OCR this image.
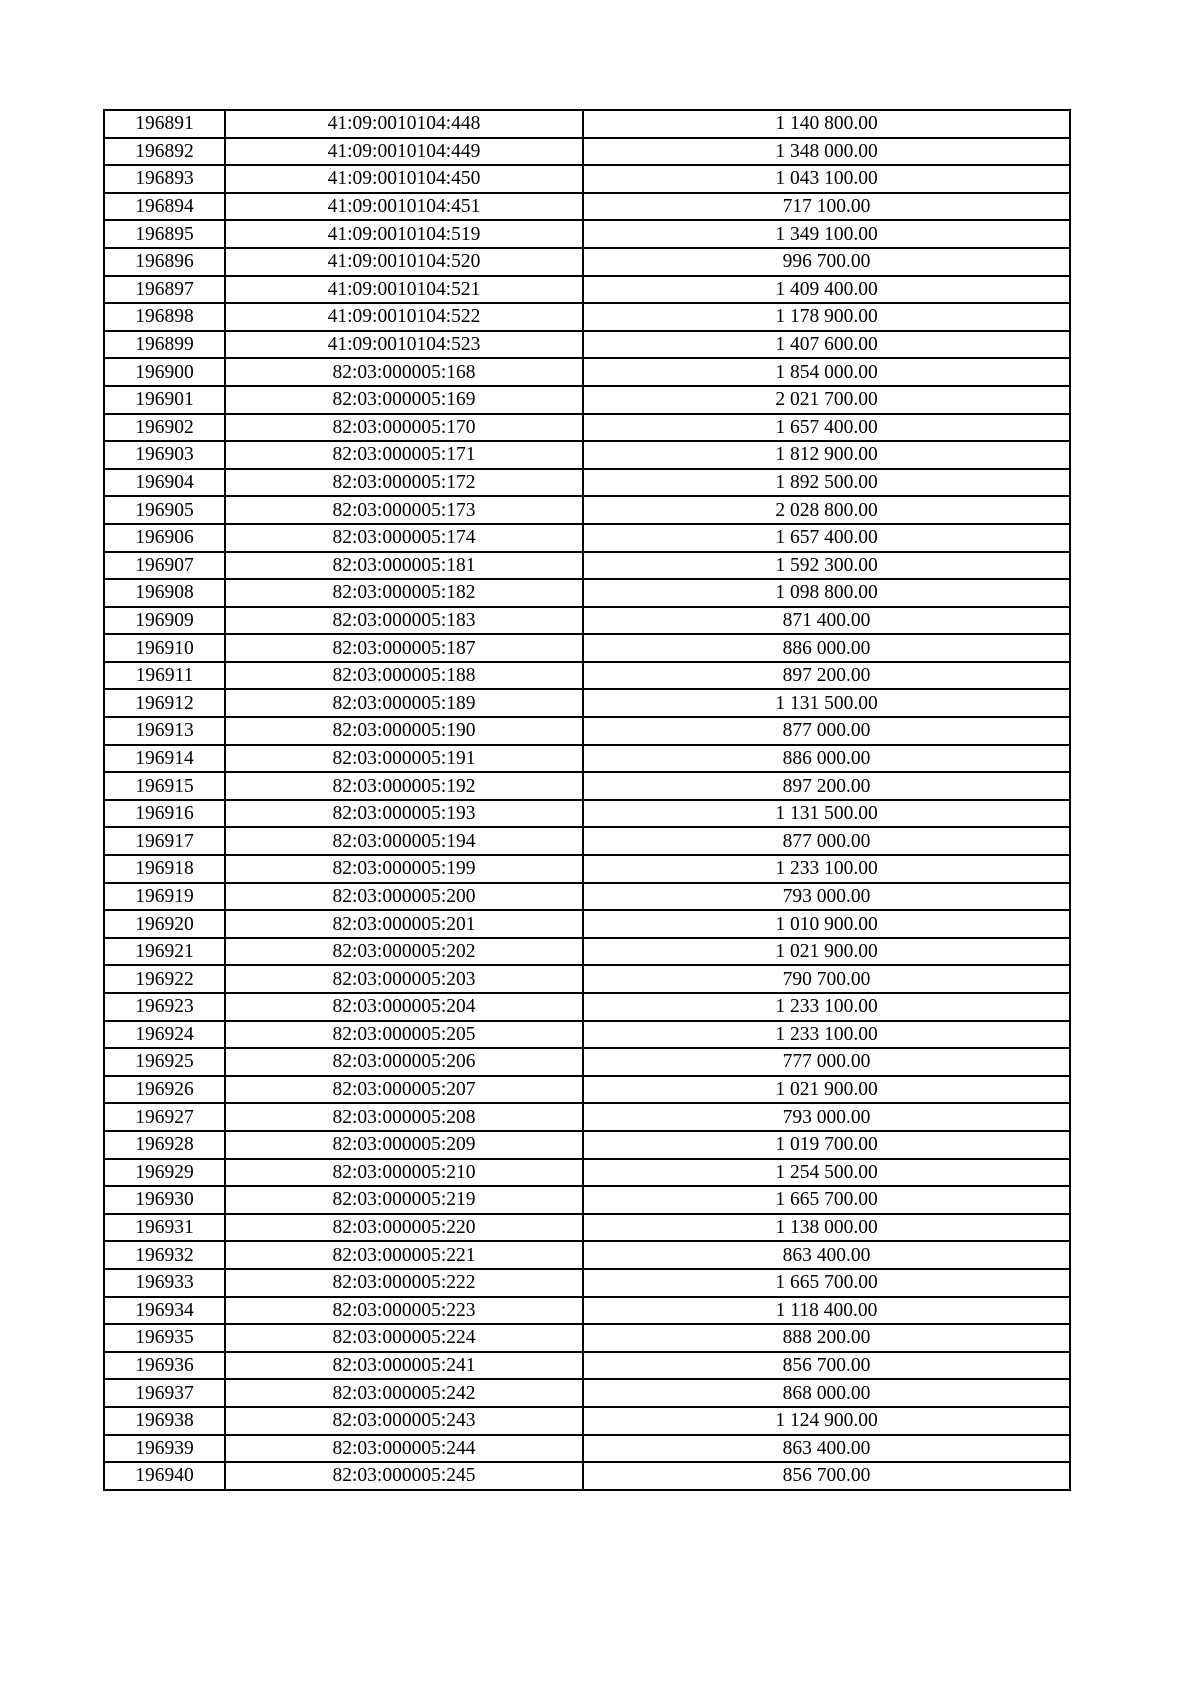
196891	41:09:0010104:448	1 140 800.00
196892	41:09:0010104:449	1 348 000.00
196893	41:09:0010104:450	1 043 100.00
196894	41:09:0010104:451	717 100.00
196895	41:09:0010104:519	1 349 100.00
196896	41:09:0010104:520	996 700.00
196897	41:09:0010104:521	1 409 400.00
196898	41:09:0010104:522	1 178 900.00
196899	41:09:0010104:523	1 407 600.00
196900	82:03:000005:168	1 854 000.00
196901	82:03:000005:169	2 021 700.00
196902	82:03:000005:170	1 657 400.00
196903	82:03:000005:171	1 812 900.00
196904	82:03:000005:172	1 892 500.00
196905	82:03:000005:173	2 028 800.00
196906	82:03:000005:174	1 657 400.00
196907	82:03:000005:181	1 592 300.00
196908	82:03:000005:182	1 098 800.00
196909	82:03:000005:183	871 400.00
196910	82:03:000005:187	886 000.00
196911	82:03:000005:188	897 200.00
196912	82:03:000005:189	1 131 500.00
196913	82:03:000005:190	877 000.00
196914	82:03:000005:191	886 000.00
196915	82:03:000005:192	897 200.00
196916	82:03:000005:193	1 131 500.00
196917	82:03:000005:194	877 000.00
196918	82:03:000005:199	1 233 100.00
196919	82:03:000005:200	793 000.00
196920	82:03:000005:201	1 010 900.00
196921	82:03:000005:202	1 021 900.00
196922	82:03:000005:203	790 700.00
196923	82:03:000005:204	1 233 100.00
196924	82:03:000005:205	1 233 100.00
196925	82:03:000005:206	777 000.00
196926	82:03:000005:207	1 021 900.00
196927	82:03:000005:208	793 000.00
196928	82:03:000005:209	1 019 700.00
196929	82:03:000005:210	1 254 500.00
196930	82:03:000005:219	1 665 700.00
196931	82:03:000005:220	1 138 000.00
196932	82:03:000005:221	863 400.00
196933	82:03:000005:222	1 665 700.00
196934	82:03:000005:223	1 118 400.00
196935	82:03:000005:224	888 200.00
196936	82:03:000005:241	856 700.00
196937	82:03:000005:242	868 000.00
196938	82:03:000005:243	1 124 900.00
196939	82:03:000005:244	863 400.00
196940	82:03:000005:245	856 700.00
